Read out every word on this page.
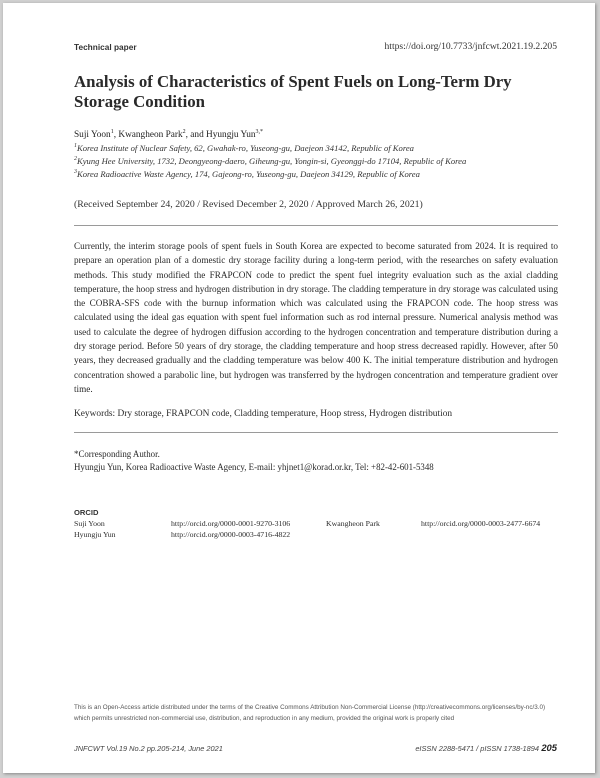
Technical paper	https://doi.org/10.7733/jnfcwt.2021.19.2.205
Analysis of Characteristics of Spent Fuels on Long-Term Dry Storage Condition
Suji Yoon$^1$, Kwangheon Park$^2$, and Hyungju Yun$^{3,*}$
$^1$Korea Institute of Nuclear Safety, 62, Gwahak-ro, Yuseong-gu, Daejeon 34142, Republic of Korea
$^2$Kyung Hee University, 1732, Deongyeong-daero, Giheung-gu, Yongin-si, Gyeonggi-do 17104, Republic of Korea
$^3$Korea Radioactive Waste Agency, 174, Gajeong-ro, Yuseong-gu, Daejeon 34129, Republic of Korea
(Received September 24, 2020 / Revised December 2, 2020 / Approved March 26, 2021)
Currently, the interim storage pools of spent fuels in South Korea are expected to become saturated from 2024. It is required to prepare an operation plan of a domestic dry storage facility during a long-term period, with the researches on safety evaluation methods. This study modified the FRAPCON code to predict the spent fuel integrity evaluation such as the axial cladding temperature, the hoop stress and hydrogen distribution in dry storage. The cladding temperature in dry storage was calculated using the COBRA-SFS code with the burnup information which was calculated using the FRAPCON code. The hoop stress was calculated using the ideal gas equation with spent fuel information such as rod internal pressure. Numerical analysis method was used to calculate the degree of hydrogen diffusion according to the hydrogen concentration and temperature distribution during a dry storage period. Before 50 years of dry storage, the cladding temperature and hoop stress decreased rapidly. However, after 50 years, they decreased gradually and the cladding temperature was below 400 K. The initial temperature distribution and hydrogen concentration showed a parabolic line, but hydrogen was transferred by the hydrogen concentration and temperature gradient over time.
Keywords: Dry storage, FRAPCON code, Cladding temperature, Hoop stress, Hydrogen distribution
*Corresponding Author.
Hyungju Yun, Korea Radioactive Waste Agency, E-mail: yhjnet1@korad.or.kr, Tel: +82-42-601-5348
ORCID
Suji Yoon	http://orcid.org/0000-0001-9270-3106	Kwangheon Park	http://orcid.org/0000-0003-2477-6674
Hyungju Yun	http://orcid.org/0000-0003-4716-4822
This is an Open-Access article distributed under the terms of the Creative Commons Attribution Non-Commercial License (http://creativecommons.org/licenses/by-nc/3.0) which permits unrestricted non-commercial use, distribution, and reproduction in any medium, provided the original work is properly cited
JNFCWT Vol.19 No.2 pp.205-214, June 2021	eISSN 2288-5471 / pISSN 1738-1894 205
